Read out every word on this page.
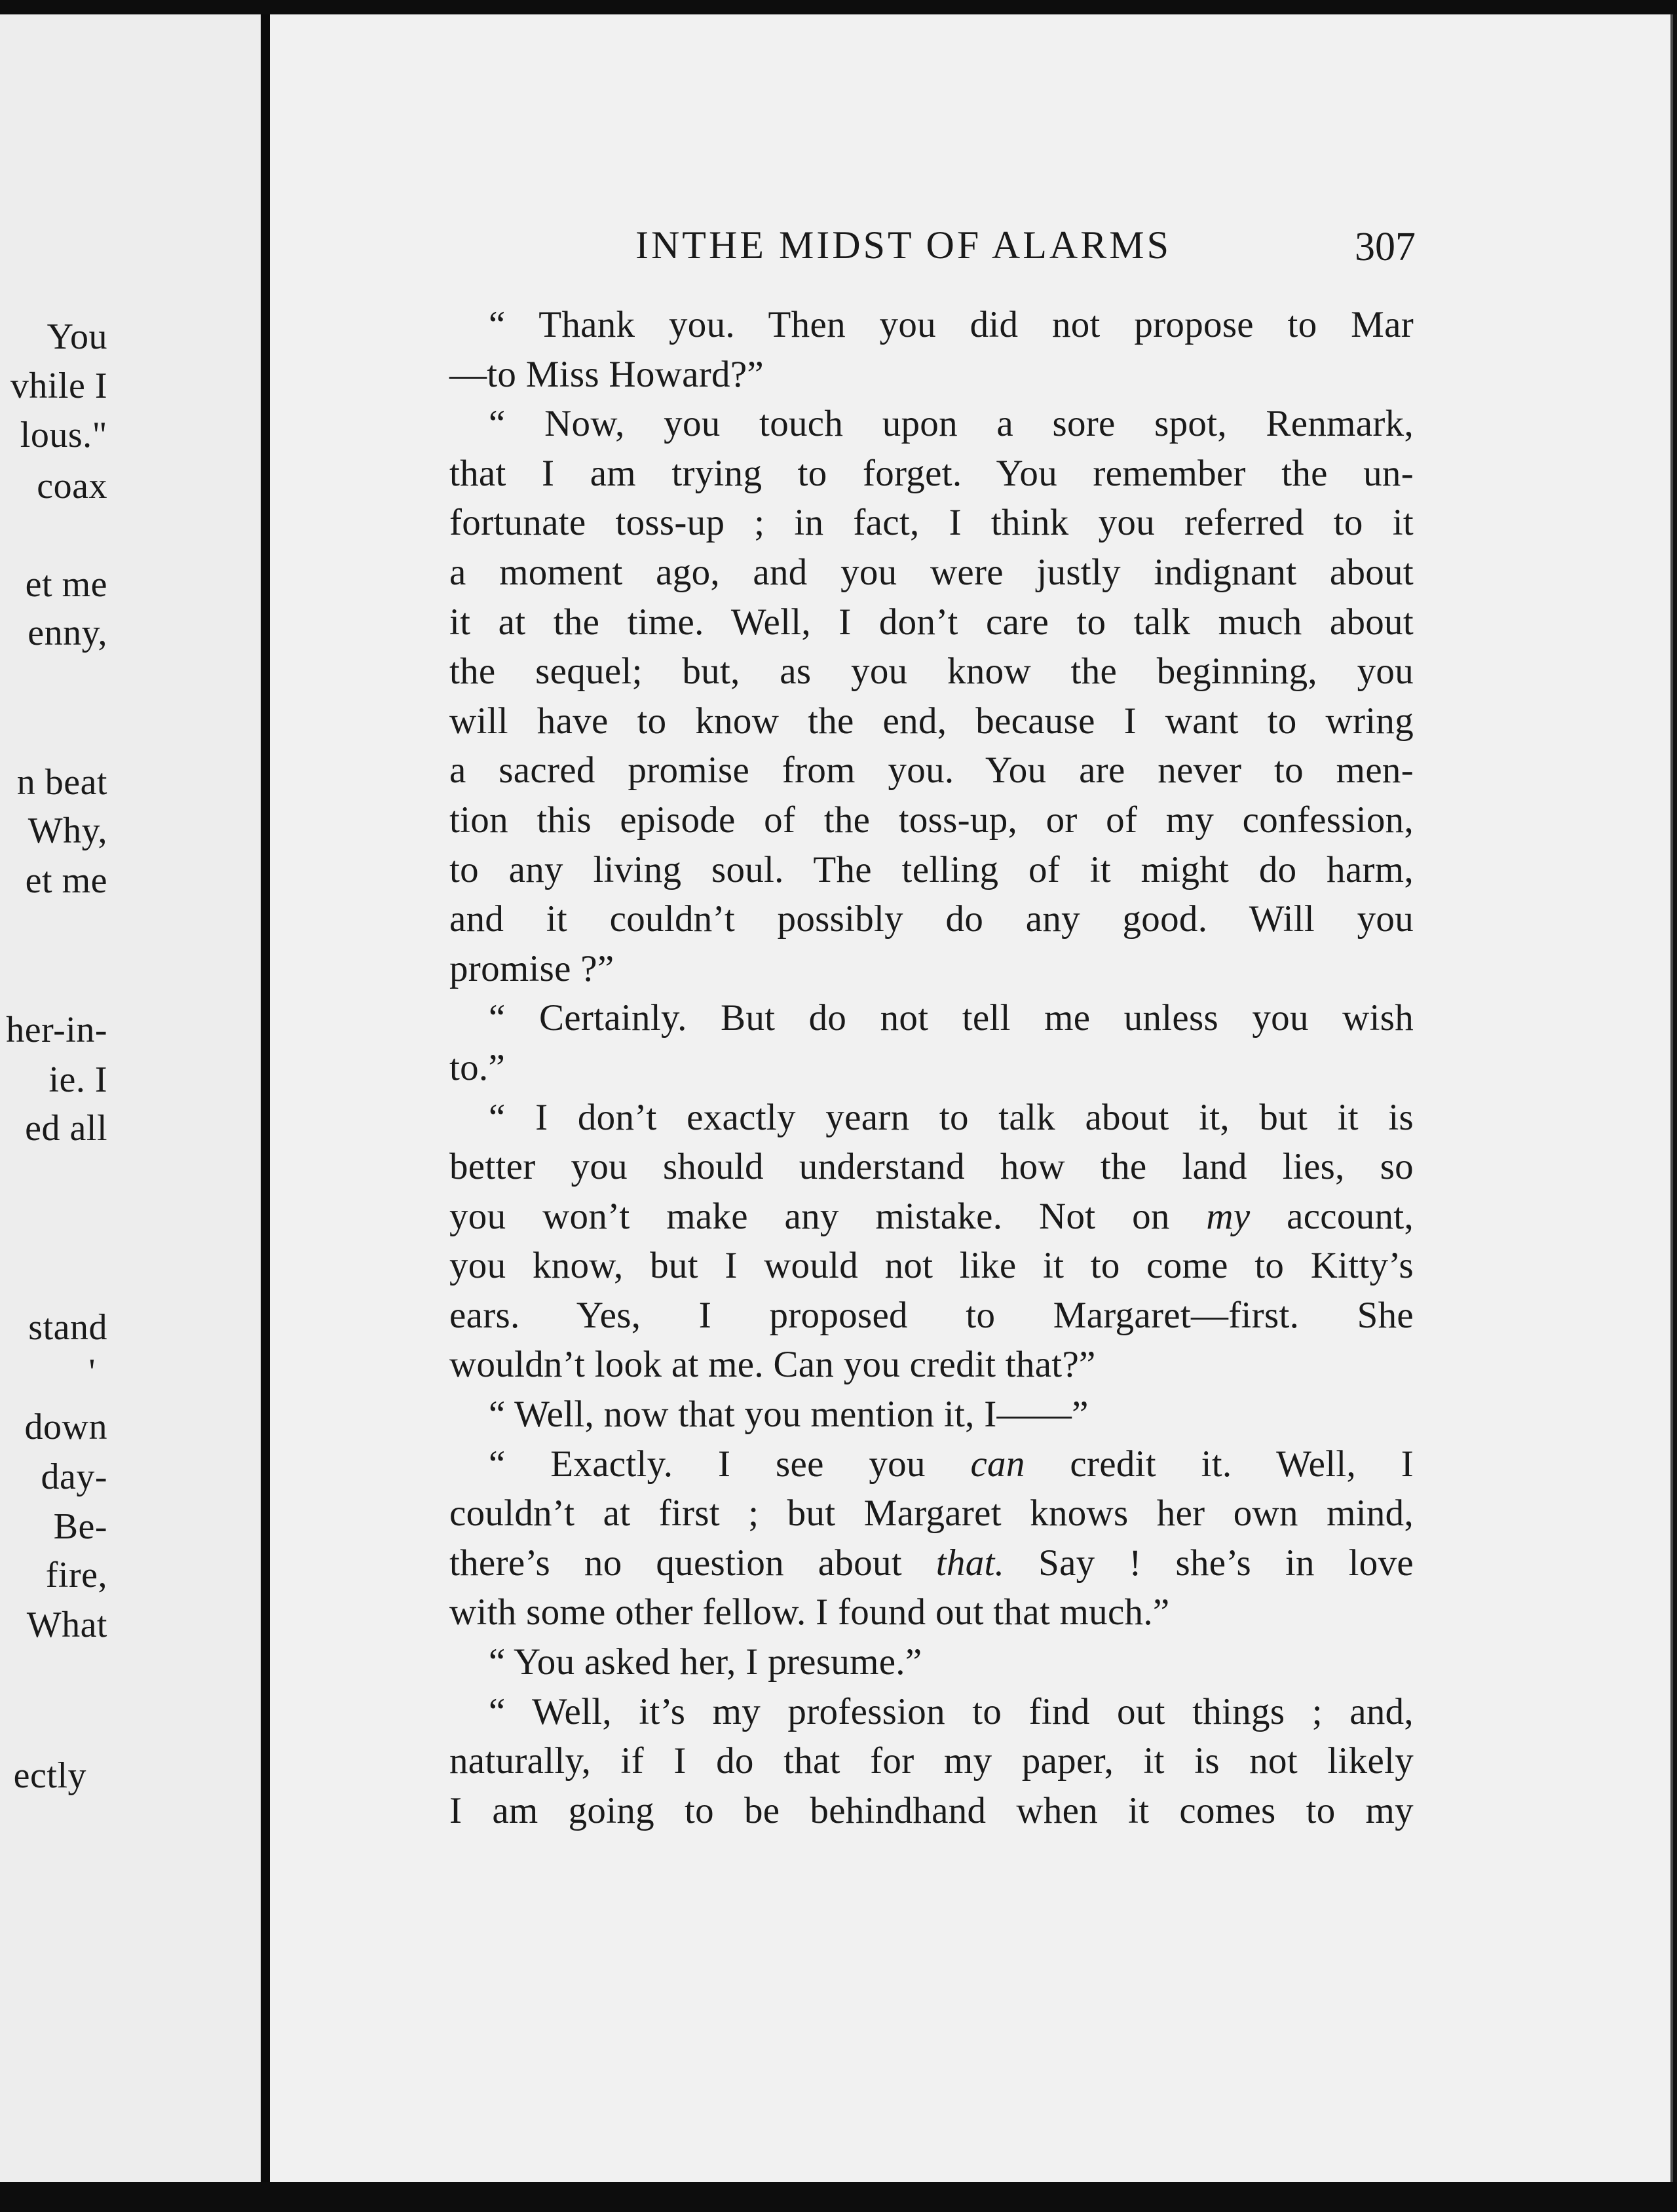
You
vhile I
lous."
coax
et me
enny,
n beat
Why,
et me
her-in-
ie. I
ed all
stand
'
down
day-
Be-
fire,
What
ectly
INTHE MIDST OF ALARMS	307
“ Thank you. Then you did not propose to Mar
—to Miss Howard?”
“ Now, you touch upon a sore spot, Renmark,
that I am trying to forget. You remember the un-
fortunate toss-up ; in fact, I think you referred to it
a moment ago, and you were justly indignant about
it at the time. Well, I don’t care to talk much about
the sequel; but, as you know the beginning, you
will have to know the end, because I want to wring
a sacred promise from you. You are never to men-
tion this episode of the toss-up, or of my confession,
to any living soul. The telling of it might do harm,
and it couldn’t possibly do any good. Will you
promise ?”
“ Certainly. But do not tell me unless you wish
to.”
“ I don’t exactly yearn to talk about it, but it is
better you should understand how the land lies, so
you won’t make any mistake. Not on my account,
you know, but I would not like it to come to Kitty’s
ears. Yes, I proposed to Margaret—first. She
wouldn’t look at me. Can you credit that?”
“ Well, now that you mention it, I——”
“ Exactly. I see you can credit it. Well, I
couldn’t at first ; but Margaret knows her own mind,
there’s no question about that. Say ! she’s in love
with some other fellow. I found out that much.”
“ You asked her, I presume.”
“ Well, it’s my profession to find out things ; and,
naturally, if I do that for my paper, it is not likely
I am going to be behindhand when it comes to my
